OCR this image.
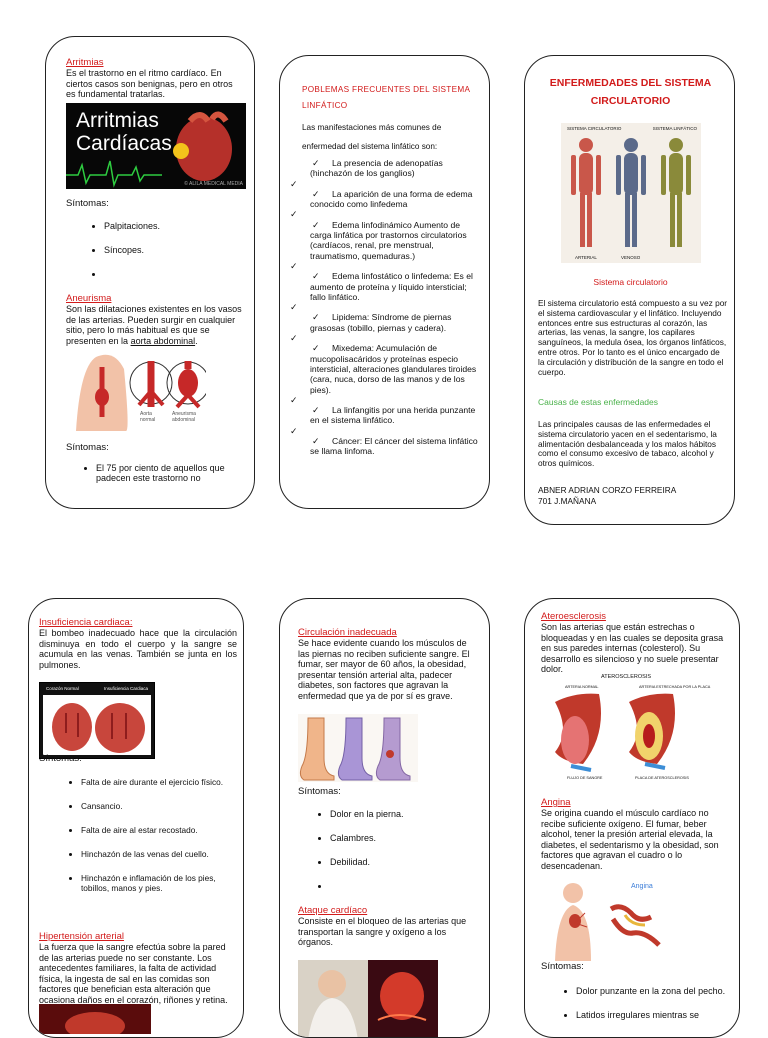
Arritmias

Es el trastorno en el ritmo cardíaco. En ciertos casos son benignas, pero en otros es fundamental tratarlas.

Arritmias
Cardíacas
© ALILA MEDICAL MEDIA

Síntomas:

• Palpitaciones.
• Síncopes.
•
Aneurisma

Son las dilataciones existentes en los vasos de las arterias. Pueden surgir en cualquier sitio, pero lo más habitual es que se presenten en la aorta abdominal.

Aorta normal
Aneurisma abdominal

Síntomas:

• El 75 por ciento de aquellos que padecen este trastorno no
POBLEMAS FRECUENTES DEL SISTEMA LINFÁTICO

Las manifestaciones más comunes de enfermedad del sistema linfático son:

✓ La presencia de adenopatías (hinchazón de los ganglios)
✓
✓ La aparición de una forma de edema conocido como linfedema
✓
✓ Edema linfodinámico Aumento de carga linfática por trastornos circulatorios (cardíacos, renal, pre menstrual, traumatismo, quemaduras.)
✓
✓ Edema linfostático o linfedema: Es el aumento de proteína y líquido intersticial; fallo linfático.
✓
✓ Lipidema: Síndrome de piernas grasosas (tobillo, piernas y cadera).
✓
✓ Mixedema: Acumulación de mucopolisacáridos y proteínas especio intersticial, alteraciones glandulares tiroides (cara, nuca, dorso de las manos y de los pies).
✓
✓ La linfangitis por una herida punzante en el sistema linfático.
✓
✓ Cáncer: El cáncer del sistema linfático se llama linfoma.
ENFERMEDADES DEL SISTEMA CIRCULATORIO
SISTEMA CIRCULATORIO	SISTEMA LINFÁTICO
ARTERIAL	VENOSO
Sistema circulatorio

El sistema circulatorio está compuesto a su vez por el sistema cardiovascular y el linfático. Incluyendo entonces entre sus estructuras al corazón, las arterias, las venas, la sangre, los capilares sanguíneos, la medula ósea, los órganos linfáticos, entre otros. Por lo tanto es el único encargado de la circulación y distribución de la sangre en todo el cuerpo.

Causas de estas enfermedades

Las principales causas de las enfermedades el sistema circulatorio yacen en el sedentarismo, la alimentación desbalanceada y los malos hábitos como el consumo excesivo de tabaco, alcohol y otros químicos.

ABNER ADRIAN CORZO FERREIRA
701 J.MAÑANA
Insuficiencia cardiaca:

El bombeo inadecuado hace que la circulación disminuya en todo el cuerpo y la sangre se acumula en las venas. También se junta en los pulmones.

Corazón Normal	Insuficiencia Cardiaca

Síntomas:

• Falta de aire durante el ejercicio físico.
• Cansancio.
• Falta de aire al estar recostado.
• Hinchazón de las venas del cuello.
• Hinchazón e inflamación de los pies, tobillos, manos y pies.
Hipertensión arterial

La fuerza que la sangre efectúa sobre la pared de las arterias puede no ser constante. Los antecedentes familiares, la falta de actividad física, la ingesta de sal en las comidas son factores que benefician esta alteración que ocasiona daños en el corazón, riñones y retina.

Circulación inadecuada

Se hace evidente cuando los músculos de las piernas no reciben suficiente sangre. El fumar, ser mayor de 60 años, la obesidad, presentar tensión arterial alta, padecer diabetes, son factores que agravan la enfermedad que ya de por sí es grave.

Síntomas:

• Dolor en la pierna.
• Calambres.
• Debilidad.
•
Ataque cardíaco

Consiste en el bloqueo de las arterias que transportan la sangre y oxígeno a los órganos.

Ateroesclerosis

Son las arterias que están estrechas o bloqueadas y en las cuales se deposita grasa en sus paredes internas (colesterol). Su desarrollo es silencioso y no suele presentar dolor.

ATEROSCLEROSIS
ARTERIA NORMAL	ARTERIA ESTRECHADA POR LA PLACA
FLUJO DE SANGRE	PLACA DE ATEROSCLEROSIS
Angina

Se origina cuando el músculo cardíaco no recibe suficiente oxígeno. El fumar, beber alcohol, tener la presión arterial elevada, la diabetes, el sedentarismo y la obesidad, son factores que agravan el cuadro o lo desencadenan.

Angina

Síntomas:

• Dolor punzante en la zona del pecho.
• Latidos irregulares mientras se
